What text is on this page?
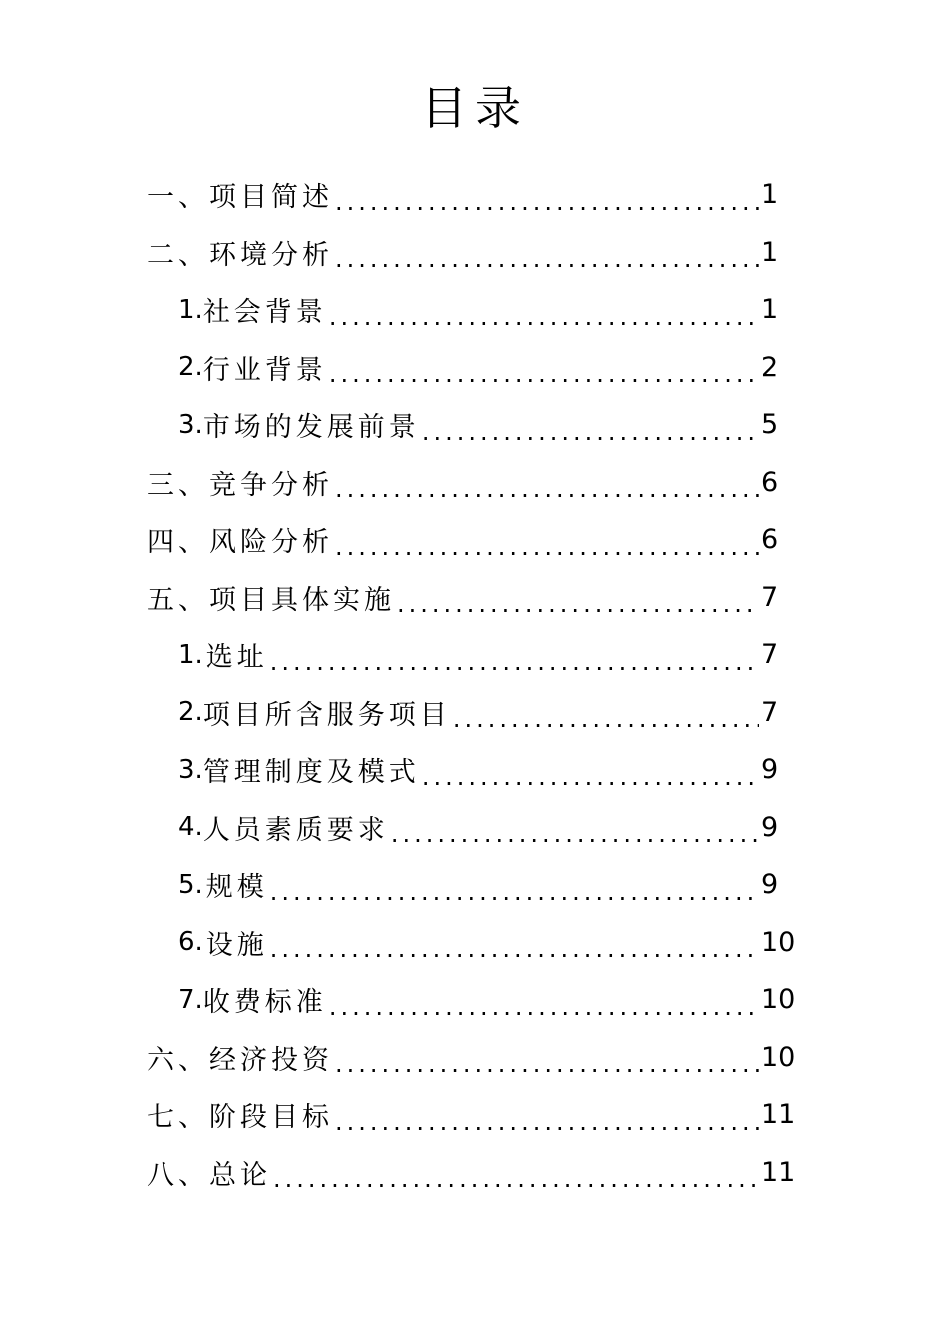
目录
一、项目简述 .....	1
二、环境分析 .....	1
1. 社会背景 .....	1
2. 行业背景 .....	2
3. 市场的发展前景 .....	5
三、竞争分析 .....	6
四、风险分析 .....	6
五、项目具体实施 .....	7
1. 选址 .....	7
2. 项目所含服务项目 .....	7
3. 管理制度及模式 .....	9
4. 人员素质要求 .....	9
5. 规模 .....	9
6. 设施 .....	10
7. 收费标准 .....	10
六、经济投资 .....	10
七、阶段目标 .....	11
八、总论 .....	11
